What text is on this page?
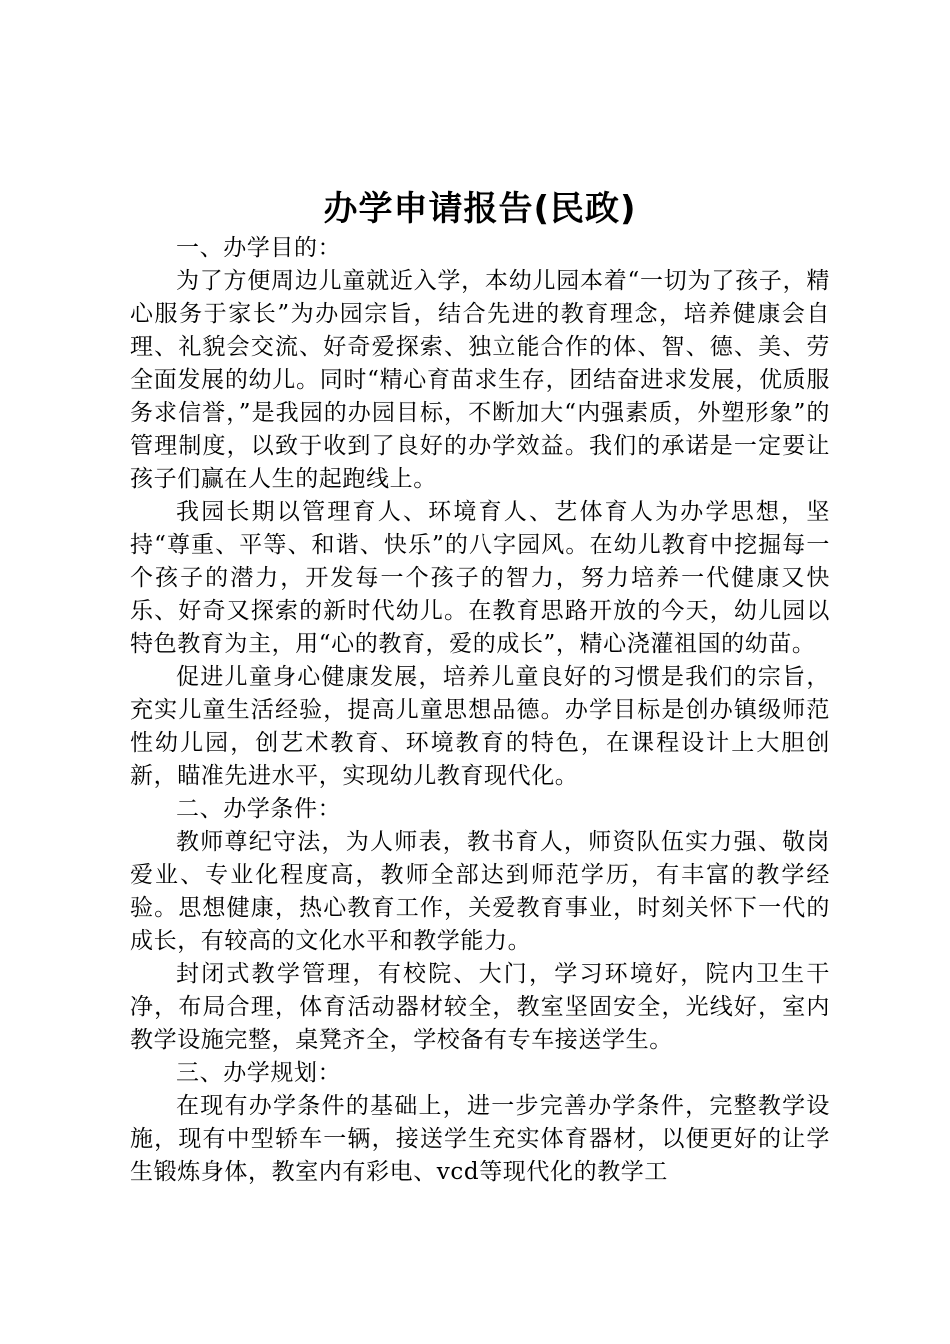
办学申请报告(民政)

一、办学目的：

为了方便周边儿童就近入学，本幼儿园本着“一切为了孩子，精心服务于家长”为办园宗旨，结合先进的教育理念，培养健康会自理、礼貌会交流、好奇爱探索、独立能合作的体、智、德、美、劳全面发展的幼儿。同时“精心育苗求生存，团结奋进求发展，优质服务求信誉，”是我园的办园目标，不断加大“内强素质，外塑形象”的管理制度，以致于收到了良好的办学效益。我们的承诺是一定要让孩子们赢在人生的起跑线上。

我园长期以管理育人、环境育人、艺体育人为办学思想，坚持“尊重、平等、和谐、快乐”的八字园风。在幼儿教育中挖掘每一个孩子的潜力，开发每一个孩子的智力，努力培养一代健康又快乐、好奇又探索的新时代幼儿。在教育思路开放的今天，幼儿园以特色教育为主，用“心的教育，爱的成长”，精心浇灌祖国的幼苗。

促进儿童身心健康发展，培养儿童良好的习惯是我们的宗旨，充实儿童生活经验，提高儿童思想品德。办学目标是创办镇级师范性幼儿园，创艺术教育、环境教育的特色，在课程设计上大胆创新，瞄准先进水平，实现幼儿教育现代化。

二、办学条件：

教师尊纪守法，为人师表，教书育人，师资队伍实力强、敬岗爱业、专业化程度高，教师全部达到师范学历，有丰富的教学经验。思想健康，热心教育工作，关爱教育事业，时刻关怀下一代的成长，有较高的文化水平和教学能力。

封闭式教学管理，有校院、大门，学习环境好，院内卫生干净，布局合理，体育活动器材较全，教室坚固安全，光线好，室内教学设施完整，桌凳齐全，学校备有专车接送学生。

三、办学规划：

在现有办学条件的基础上，进一步完善办学条件，完整教学设施，现有中型轿车一辆，接送学生充实体育器材，以便更好的让学生锻炼身体，教室内有彩电、vcd等现代化的教学工
